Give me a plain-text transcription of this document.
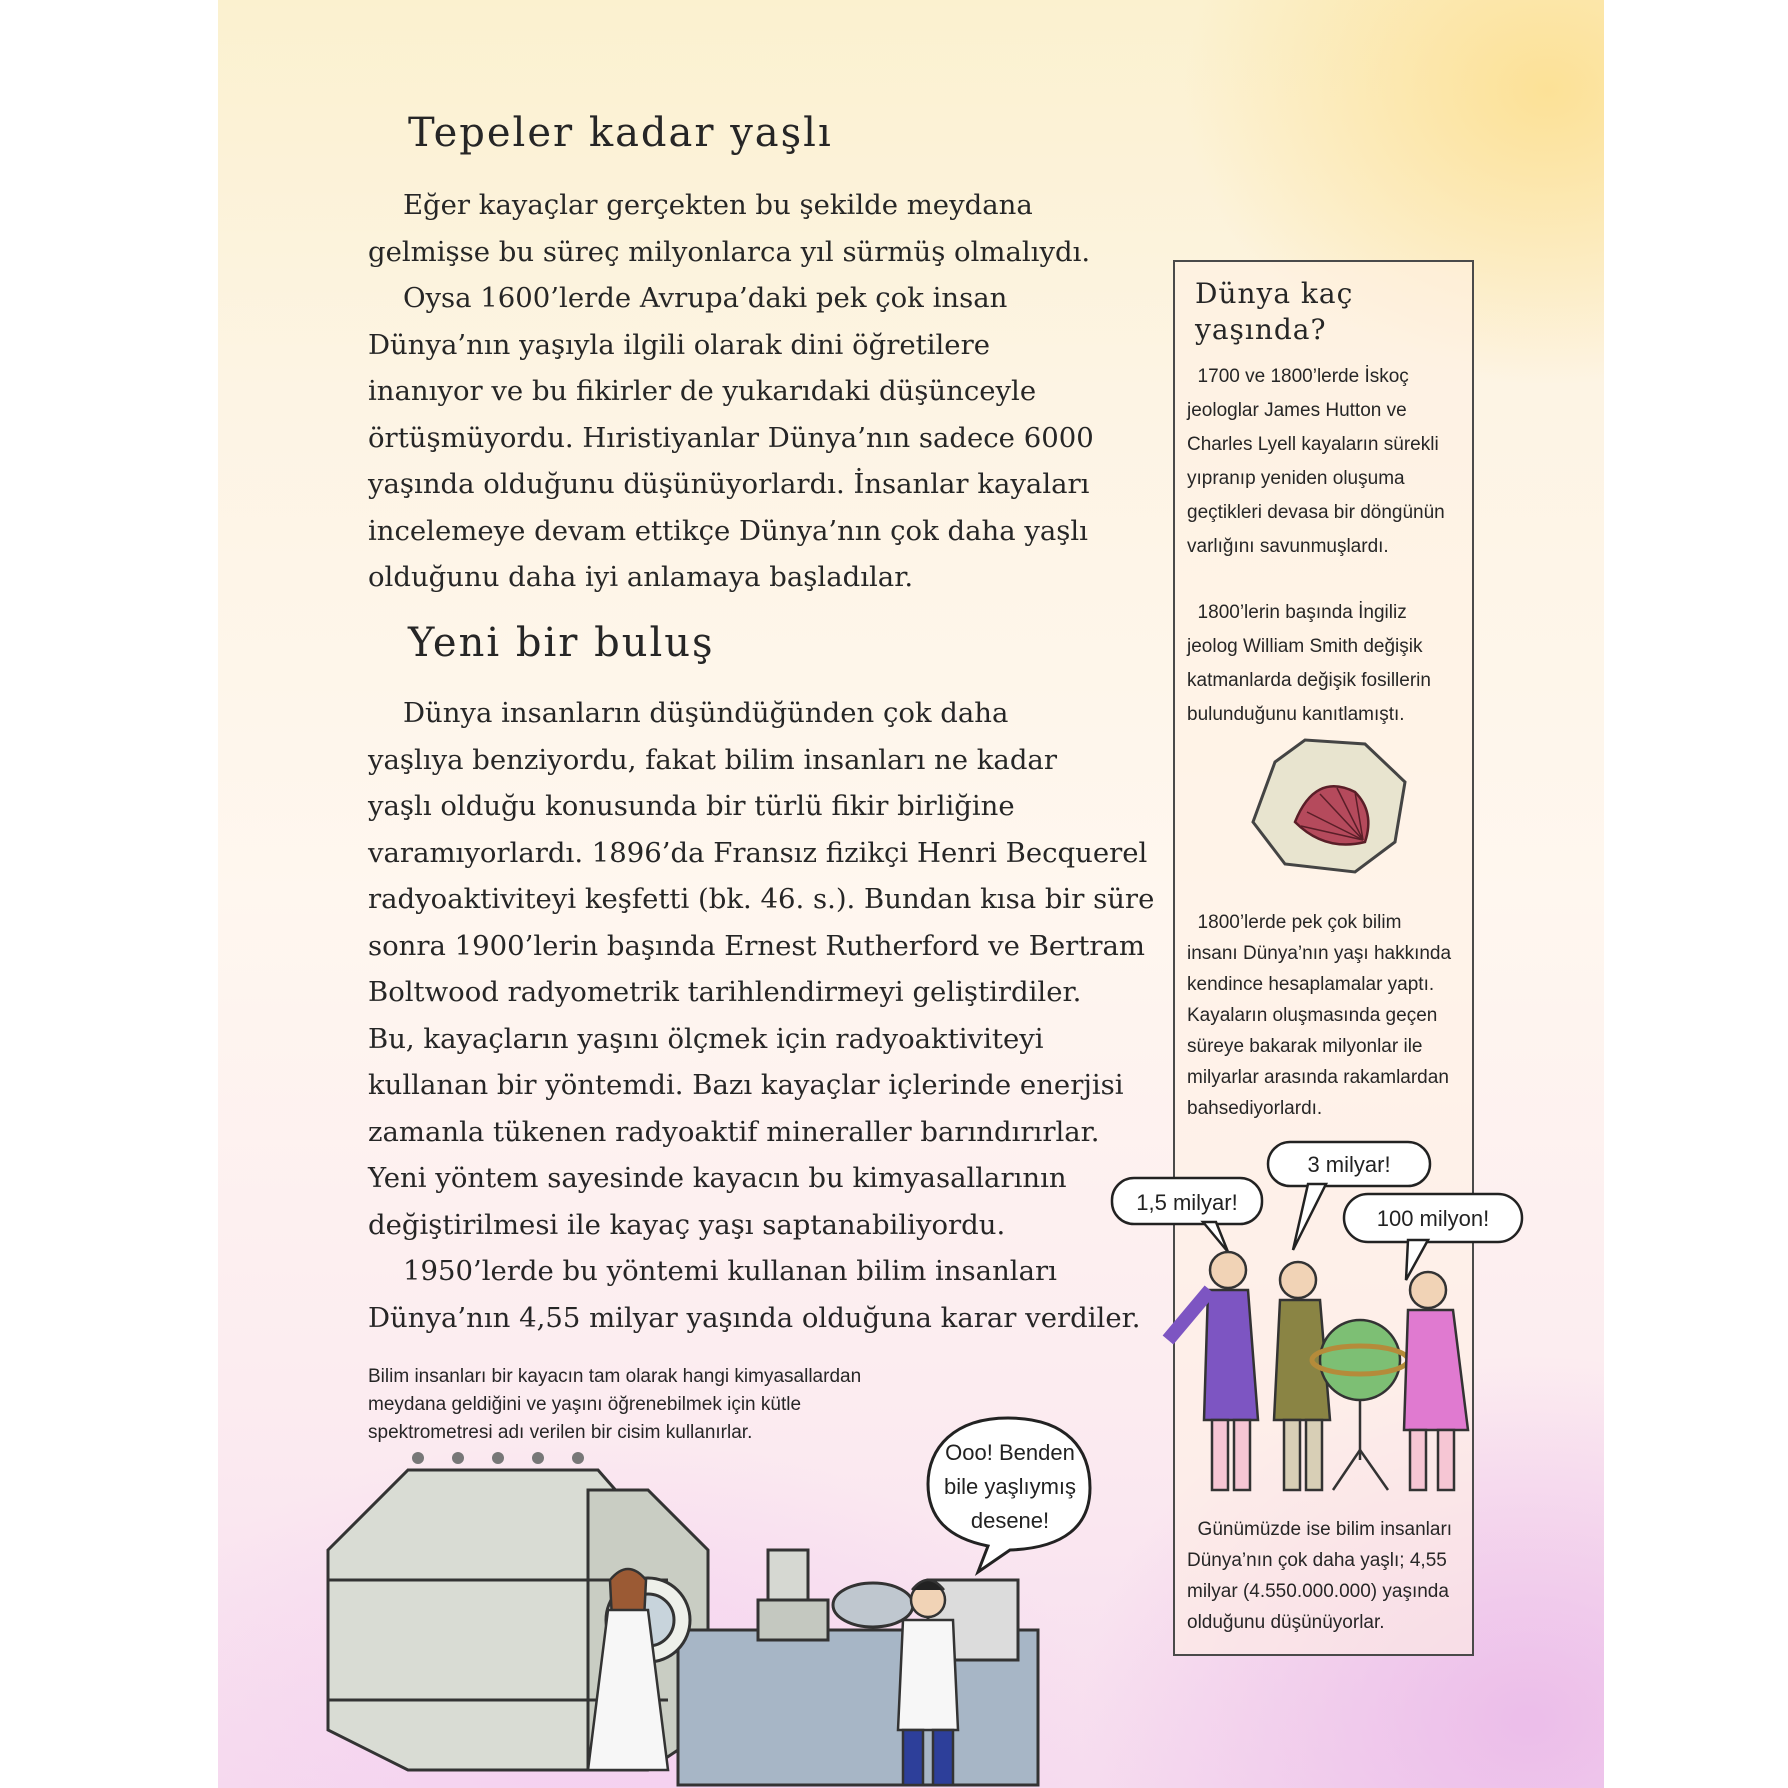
Tepeler kadar yaşlı
Eğer kayaçlar gerçekten bu şekilde meydana
gelmişse bu süreç milyonlarca yıl sürmüş olmalıydı.
Oysa 1600’lerde Avrupa’daki pek çok insan
Dünya’nın yaşıyla ilgili olarak dini öğretilere
inanıyor ve bu fikirler de yukarıdaki düşünceyle
örtüşmüyordu. Hıristiyanlar Dünya’nın sadece 6000
yaşında olduğunu düşünüyorlardı. İnsanlar kayaları
incelemeye devam ettikçe Dünya’nın çok daha yaşlı
olduğunu daha iyi anlamaya başladılar.
Yeni bir buluş
Dünya insanların düşündüğünden çok daha
yaşlıya benziyordu, fakat bilim insanları ne kadar
yaşlı olduğu konusunda bir türlü fikir birliğine
varamıyorlardı. 1896’da Fransız fizikçi Henri Becquerel
radyoaktiviteyi keşfetti (bk. 46. s.). Bundan kısa bir süre
sonra 1900’lerin başında Ernest Rutherford ve Bertram
Boltwood radyometrik tarihlendirmeyi geliştirdiler.
Bu, kayaçların yaşını ölçmek için radyoaktiviteyi
kullanan bir yöntemdi. Bazı kayaçlar içlerinde enerjisi
zamanla tükenen radyoaktif mineraller barındırırlar.
Yeni yöntem sayesinde kayacın bu kimyasallarının
değiştirilmesi ile kayaç yaşı saptanabiliyordu.
1950’lerde bu yöntemi kullanan bilim insanları
Dünya’nın 4,55 milyar yaşında olduğuna karar verdiler.
Bilim insanları bir kayacın tam olarak hangi kimyasallardan
meydana geldiğini ve yaşını öğrenebilmek için kütle
spektrometresi adı verilen bir cisim kullanırlar.
Ooo! Benden
bile yaşlıymış
desene!
Dünya kaç
yaşında?
1700 ve 1800’lerde İskoç
jeologlar James Hutton ve
Charles Lyell kayaların sürekli
yıpranıp yeniden oluşuma
geçtikleri devasa bir döngünün
varlığını savunmuşlardı.
1800’lerin başında İngiliz
jeolog William Smith değişik
katmanlarda değişik fosillerin
bulunduğunu kanıtlamıştı.
1800’lerde pek çok bilim
insanı Dünya’nın yaşı hakkında
kendince hesaplamalar yaptı.
Kayaların oluşmasında geçen
süreye bakarak milyonlar ile
milyarlar arasında rakamlardan
bahsediyorlardı.
Günümüzde ise bilim insanları
Dünya’nın çok daha yaşlı; 4,55
milyar (4.550.000.000) yaşında
olduğunu düşünüyorlar.
1,5 milyar!
3 milyar!
100 milyon!
